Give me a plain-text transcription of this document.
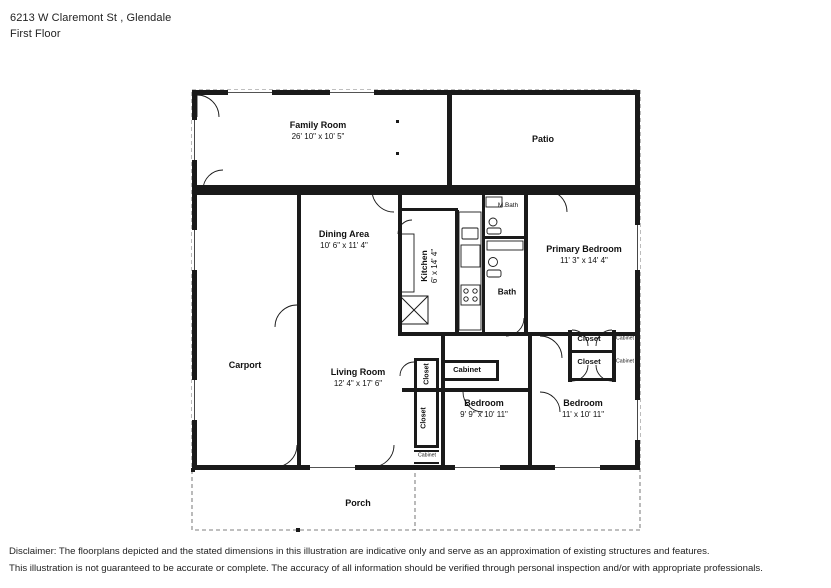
6213 W Claremont St , Glendale
First Floor
Family Room
26' 10" x 10' 5"	Patio
Dining Area
10' 6" x 11' 4"
Kitchen 6' x 14' 4"
M.Bath
Bath
Primary Bedroom
11' 3" x 14' 4"
Carport
Living Room
12' 4" x 17' 6"
Bedroom
9' 9" x 10' 11"
Bedroom
11' x 10' 11"
Porch
Closet
Closet
Closet
Closet
Cabinet
Cabinet
Cabinet
Cabinet
Disclaimer: The floorplans depicted and the stated dimensions in this illustration are indicative only and serve as an approximation of existing structures and features.
This illustration is not guaranteed to be accurate or complete. The accuracy of all information should be verified through personal inspection and/or with appropriate professionals.
